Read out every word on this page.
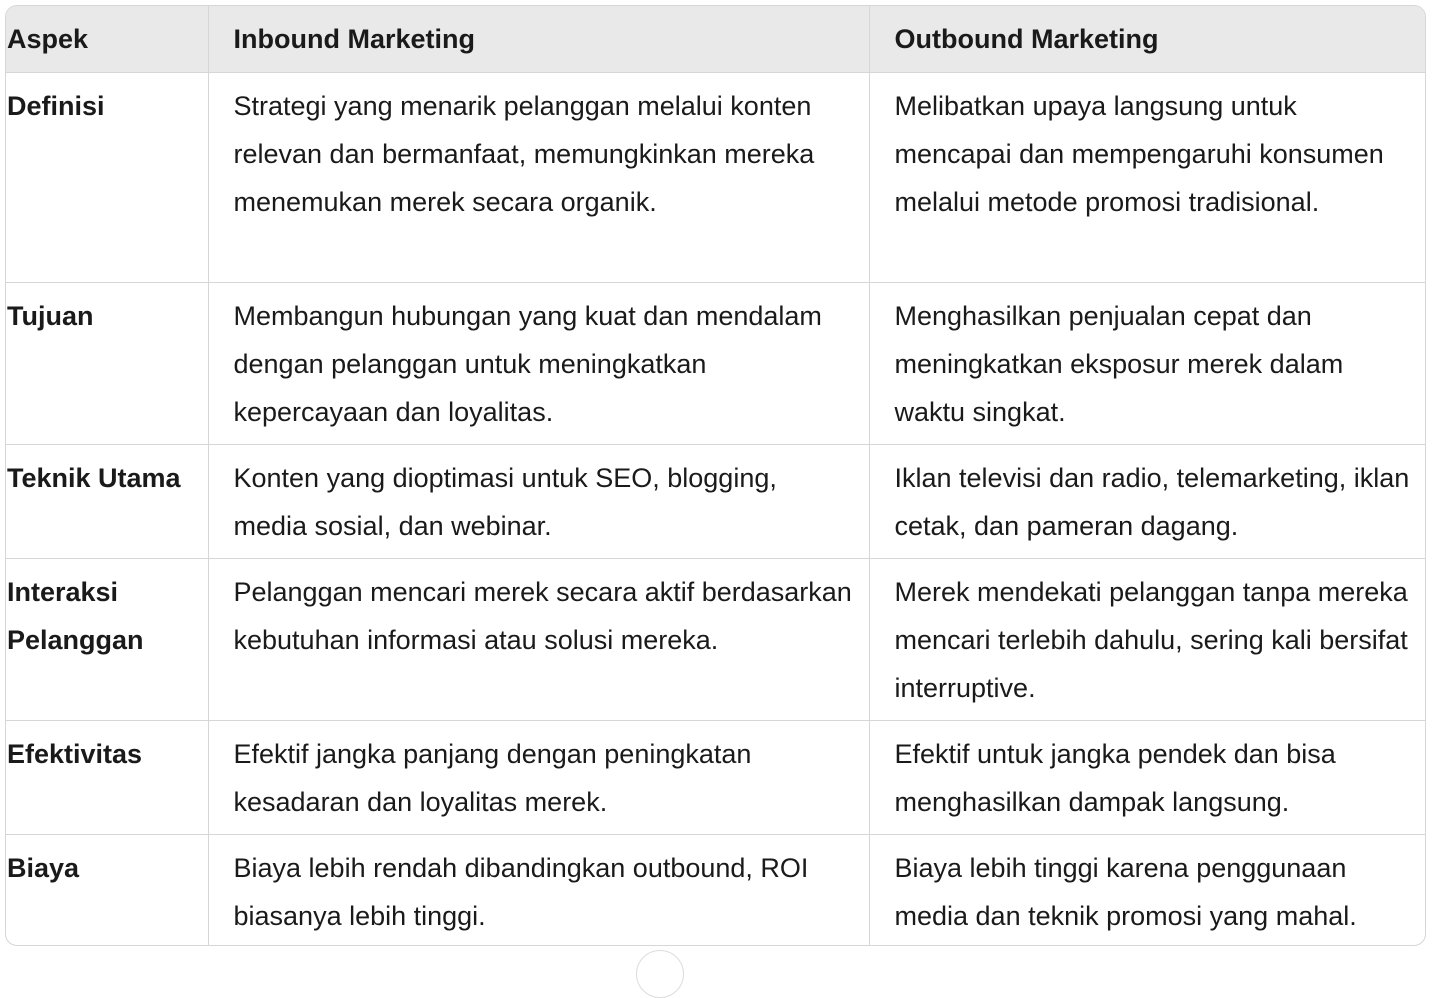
Aspek	Inbound Marketing	Outbound Marketing
Definisi	Strategi yang menarik pelanggan melalui konten relevan dan bermanfaat, memungkinkan mereka menemukan merek secara organik.	Melibatkan upaya langsung untuk mencapai dan mempengaruhi konsumen melalui metode promosi tradisional.
Tujuan	Membangun hubungan yang kuat dan mendalam dengan pelanggan untuk meningkatkan kepercayaan dan loyalitas.	Menghasilkan penjualan cepat dan meningkatkan eksposur merek dalam waktu singkat.
Teknik Utama	Konten yang dioptimasi untuk SEO, blogging, media sosial, dan webinar.	Iklan televisi dan radio, telemarketing, iklan cetak, dan pameran dagang.
Interaksi Pelanggan	Pelanggan mencari merek secara aktif berdasarkan kebutuhan informasi atau solusi mereka.	Merek mendekati pelanggan tanpa mereka mencari terlebih dahulu, sering kali bersifat interruptive.
Efektivitas	Efektif jangka panjang dengan peningkatan kesadaran dan loyalitas merek.	Efektif untuk jangka pendek dan bisa menghasilkan dampak langsung.
Biaya	Biaya lebih rendah dibandingkan outbound, ROI biasanya lebih tinggi.	Biaya lebih tinggi karena penggunaan media dan teknik promosi yang mahal.
